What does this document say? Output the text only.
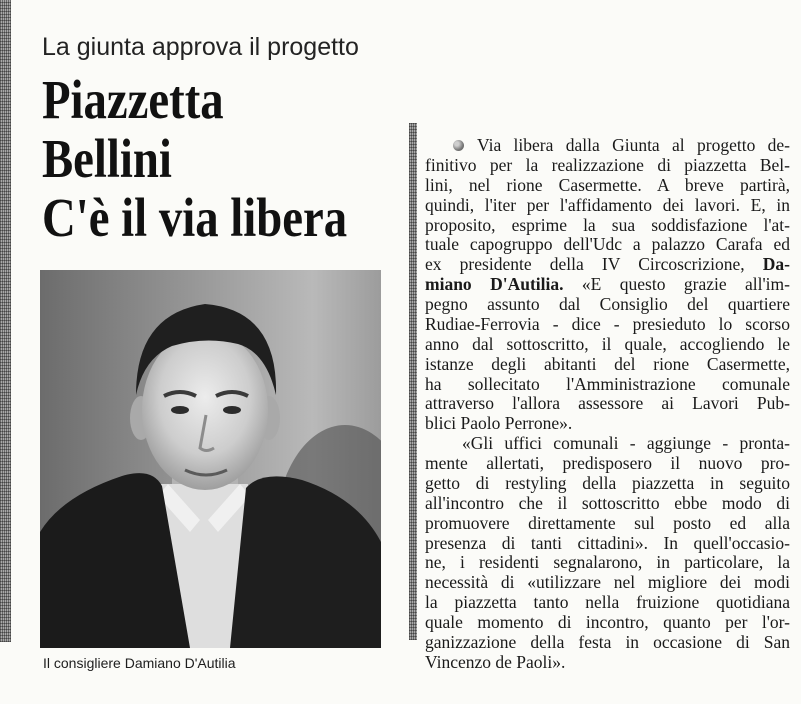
La giunta approva il progetto
Piazzetta
Bellini
C'è il via libera
Il consigliere Damiano D'Autilia
Via libera dalla Giunta al progetto de-
finitivo per la realizzazione di piazzetta Bel-
lini, nel rione Casermette. A breve partirà,
quindi, l'iter per l'affidamento dei lavori. E, in
proposito, esprime la sua soddisfazione l'at-
tuale capogruppo dell'Udc a palazzo Carafa ed
ex presidente della IV Circoscrizione, Da-
miano D'Autilia. «E questo grazie all'im-
pegno assunto dal Consiglio del quartiere
Rudiae-Ferrovia - dice - presieduto lo scorso
anno dal sottoscritto, il quale, accogliendo le
istanze degli abitanti del rione Casermette,
ha sollecitato l'Amministrazione comunale
attraverso l'allora assessore ai Lavori Pub-
blici Paolo Perrone».
«Gli uffici comunali - aggiunge - pronta-
mente allertati, predisposero il nuovo pro-
getto di restyling della piazzetta in seguito
all'incontro che il sottoscritto ebbe modo di
promuovere direttamente sul posto ed alla
presenza di tanti cittadini». In quell'occasio-
ne, i residenti segnalarono, in particolare, la
necessità di «utilizzare nel migliore dei modi
la piazzetta tanto nella fruizione quotidiana
quale momento di incontro, quanto per l'or-
ganizzazione della festa in occasione di San
Vincenzo de Paoli».
